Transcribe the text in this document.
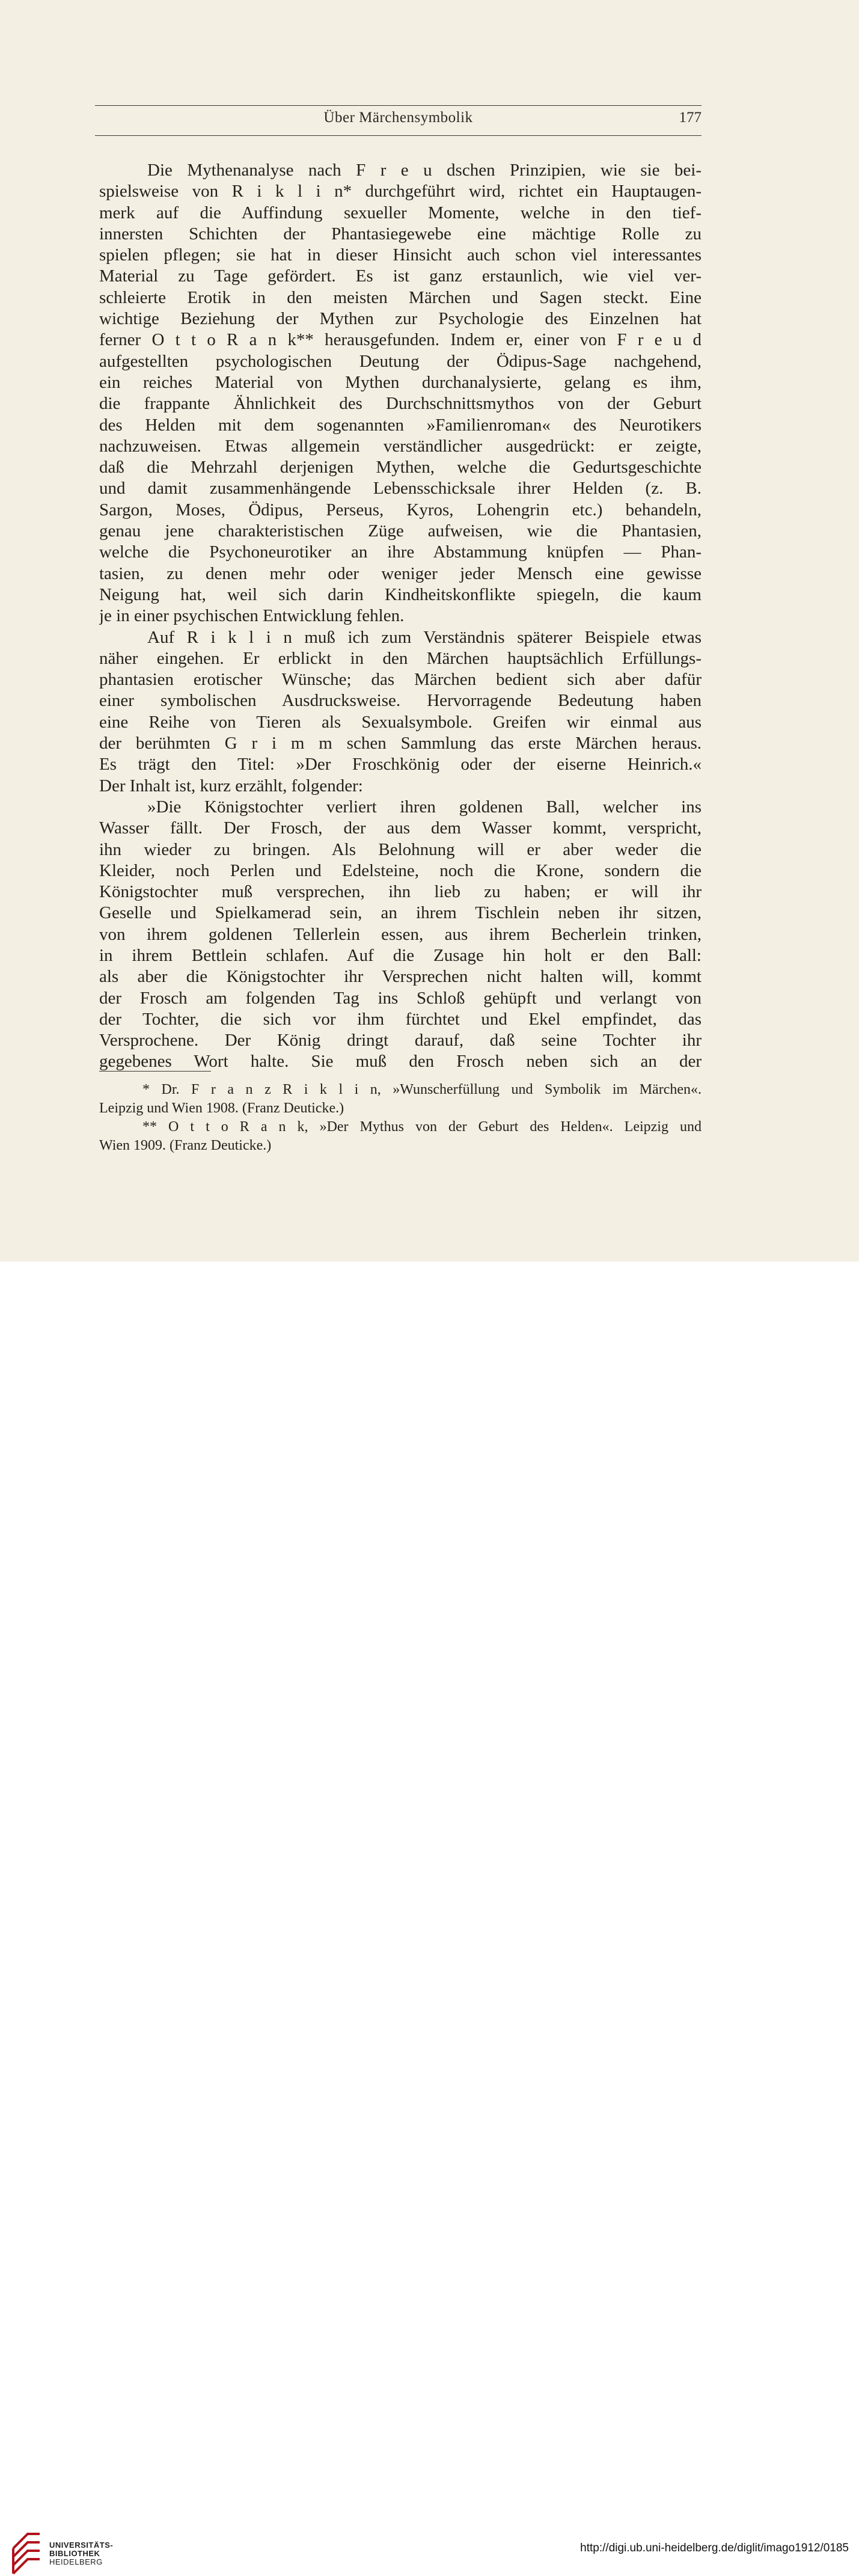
Über Märchensymbolik	177
Die Mythenanalyse nach F r e u dschen Prinzipien, wie sie bei-
spielsweise von R i k l i n* durchgeführt wird, richtet ein Hauptaugen-
merk auf die Auffindung sexueller Momente, welche in den tief-
innersten Schichten der Phantasiegewebe eine mächtige Rolle zu
spielen pflegen; sie hat in dieser Hinsicht auch schon viel interessantes
Material zu Tage gefördert. Es ist ganz erstaunlich, wie viel ver-
schleierte Erotik in den meisten Märchen und Sagen steckt. Eine
wichtige Beziehung der Mythen zur Psychologie des Einzelnen hat
ferner O t t o R a n k** herausgefunden. Indem er, einer von F r e u d
aufgestellten psychologischen Deutung der Ödipus-Sage nachgehend,
ein reiches Material von Mythen durchanalysierte, gelang es ihm,
die frappante Ähnlichkeit des Durchschnittsmythos von der Geburt
des Helden mit dem sogenannten »Familienroman« des Neurotikers
nachzuweisen. Etwas allgemein verständlicher ausgedrückt: er zeigte,
daß die Mehrzahl derjenigen Mythen, welche die Gedurtsgeschichte
und damit zusammenhängende Lebensschicksale ihrer Helden (z. B.
Sargon, Moses, Ödipus, Perseus, Kyros, Lohengrin etc.) behandeln,
genau jene charakteristischen Züge aufweisen, wie die Phantasien,
welche die Psychoneurotiker an ihre Abstammung knüpfen — Phan-
tasien, zu denen mehr oder weniger jeder Mensch eine gewisse
Neigung hat, weil sich darin Kindheitskonflikte spiegeln, die kaum
je in einer psychischen Entwicklung fehlen.
Auf R i k l i n muß ich zum Verständnis späterer Beispiele etwas
näher eingehen. Er erblickt in den Märchen hauptsächlich Erfüllungs-
phantasien erotischer Wünsche; das Märchen bedient sich aber dafür
einer symbolischen Ausdrucksweise. Hervorragende Bedeutung haben
eine Reihe von Tieren als Sexualsymbole. Greifen wir einmal aus
der berühmten G r i m m schen Sammlung das erste Märchen heraus.
Es trägt den Titel: »Der Froschkönig oder der eiserne Heinrich.«
Der Inhalt ist, kurz erzählt, folgender:
»Die Königstochter verliert ihren goldenen Ball, welcher ins
Wasser fällt. Der Frosch, der aus dem Wasser kommt, verspricht,
ihn wieder zu bringen. Als Belohnung will er aber weder die
Kleider, noch Perlen und Edelsteine, noch die Krone, sondern die
Königstochter muß versprechen, ihn lieb zu haben; er will ihr
Geselle und Spielkamerad sein, an ihrem Tischlein neben ihr sitzen,
von ihrem goldenen Tellerlein essen, aus ihrem Becherlein trinken,
in ihrem Bettlein schlafen. Auf die Zusage hin holt er den Ball:
als aber die Königstochter ihr Versprechen nicht halten will, kommt
der Frosch am folgenden Tag ins Schloß gehüpft und verlangt von
der Tochter, die sich vor ihm fürchtet und Ekel empfindet, das
Versprochene. Der König dringt darauf, daß seine Tochter ihr
gegebenes Wort halte. Sie muß den Frosch neben sich an der
* Dr. F r a n z R i k l i n, »Wunscherfüllung und Symbolik im Märchen«.
Leipzig und Wien 1908. (Franz Deuticke.)
** O t t o R a n k, »Der Mythus von der Geburt des Helden«. Leipzig und
Wien 1909. (Franz Deuticke.)
UNIVERSITÄTS-
BIBLIOTHEK
HEIDELBERG
http://digi.ub.uni-heidelberg.de/diglit/imago1912/0185
